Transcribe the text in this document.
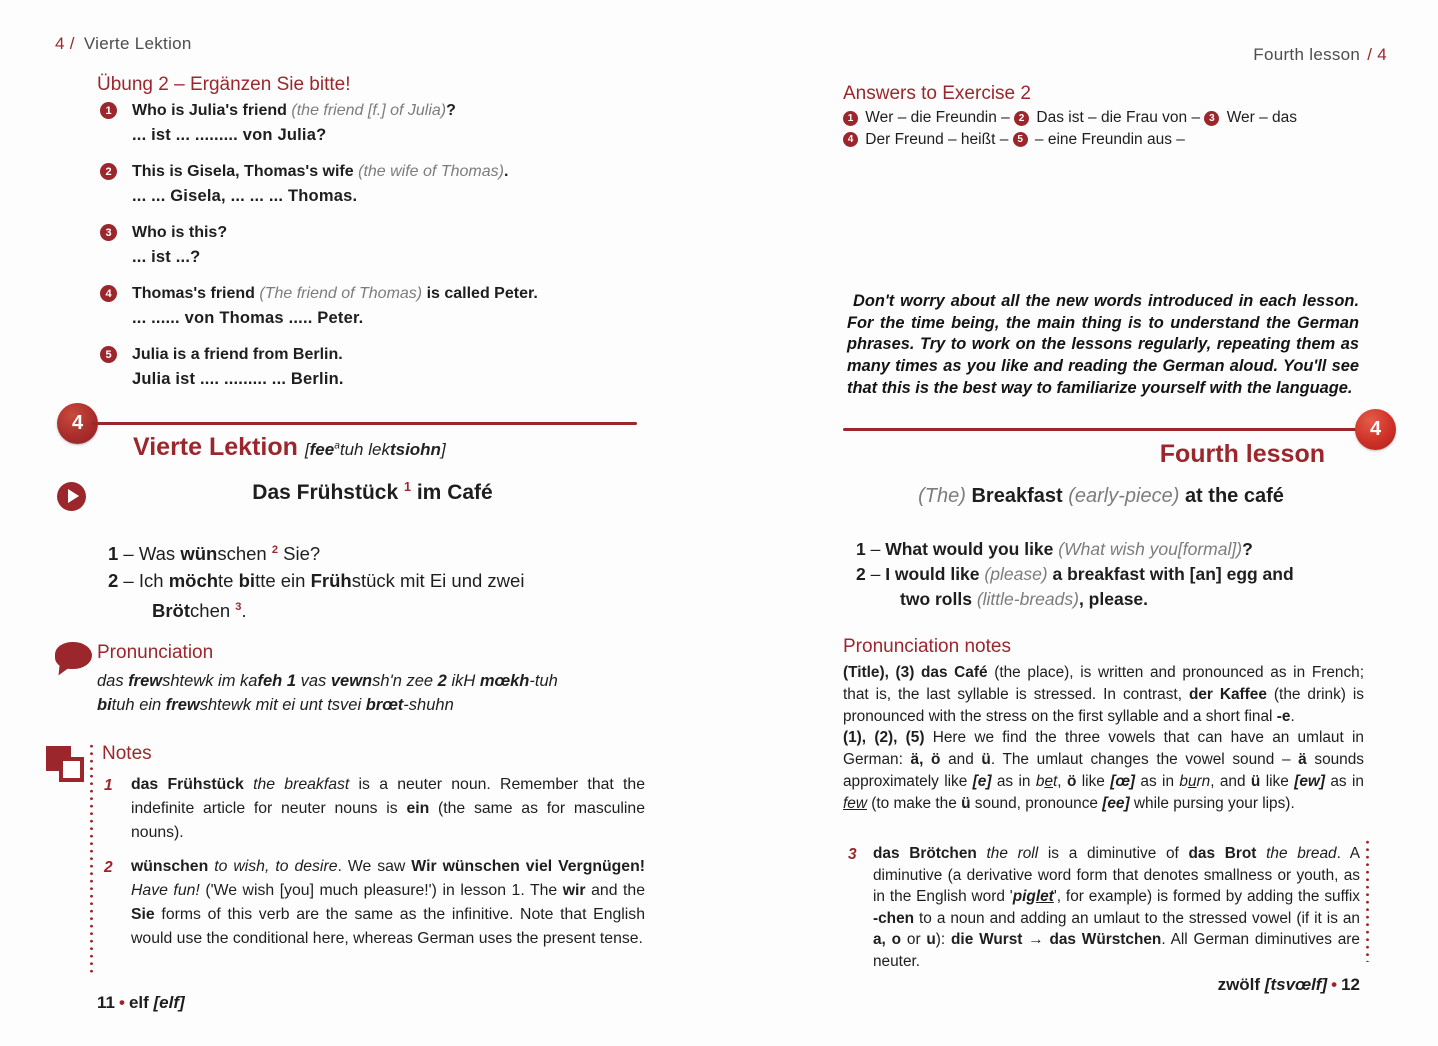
4 / Vierte Lektion
Übung 2 – Ergänzen Sie bitte!
1	Who is Julia's friend (the friend [f.] of Julia)?
... ist ... ......... von Julia?
2	This is Gisela, Thomas's wife (the wife of Thomas).
... ... Gisela, ... ... ... Thomas.
3	Who is this?
... ist ...?
4	Thomas's friend (The friend of Thomas) is called Peter.
... ...... von Thomas ..... Peter.
5	Julia is a friend from Berlin.
Julia ist .... ......... ... Berlin.
4
Vierte Lektion [fee$^a$tuh lektsiohn]
Das Frühstück $^1$ im Café
1 – Was wünschen $^2$ Sie?
2 – Ich möchte bitte ein Frühstück mit Ei und zwei
Brötchen $^3$.
Pronunciation
das frewshtewk im kafeh 1 vas vewnsh'n zee 2 ikH mœkh-tuh
bituh ein frewshtewk mit ei unt tsvei brœt-shuhn
Notes
1 das Frühstück the breakfast is a neuter noun. Remember that the indefinite article for neuter nouns is ein (the same as for masculine nouns).
2 wünschen to wish, to desire. We saw Wir wünschen viel Vergnügen! Have fun! ('We wish [you] much pleasure!') in lesson 1. The wir and the Sie forms of this verb are the same as the infinitive. Note that English would use the conditional here, whereas German uses the present tense.
11 • elf [elf]
Fourth lesson / 4
Answers to Exercise 2
1 Wer – die Freundin – 2 Das ist – die Frau von – 3 Wer – das
4 Der Freund – heißt – 5 – eine Freundin aus –
Don't worry about all the new words introduced in each lesson. For the time being, the main thing is to understand the German phrases. Try to work on the lessons regularly, repeating them as many times as you like and reading the German aloud. You'll see that this is the best way to familiarize yourself with the language.
4
Fourth lesson
(The) Breakfast (early-piece) at the café
1 – What would you like (What wish you[formal])?
2 – I would like (please) a breakfast with [an] egg and
two rolls (little-breads), please.
Pronunciation notes
(Title), (3) das Café (the place), is written and pronounced as in French; that is, the last syllable is stressed. In contrast, der Kaffee (the drink) is pronounced with the stress on the first syllable and a short final -e.
(1), (2), (5) Here we find the three vowels that can have an umlaut in German: ä, ö and ü. The umlaut changes the vowel sound – ä sounds approximately like [e] as in bet, ö like [œ] as in burn, and ü like [ew] as in few (to make the ü sound, pronounce [ee] while pursing your lips).
3 das Brötchen the roll is a diminutive of das Brot the bread. A diminutive (a derivative word form that denotes smallness or youth, as in the English word 'piglet', for example) is formed by adding the suffix -chen to a noun and adding an umlaut to the stressed vowel (if it is an a, o or u): die Wurst → das Würstchen. All German diminutives are neuter.
zwölf [tsvœlf] • 12
